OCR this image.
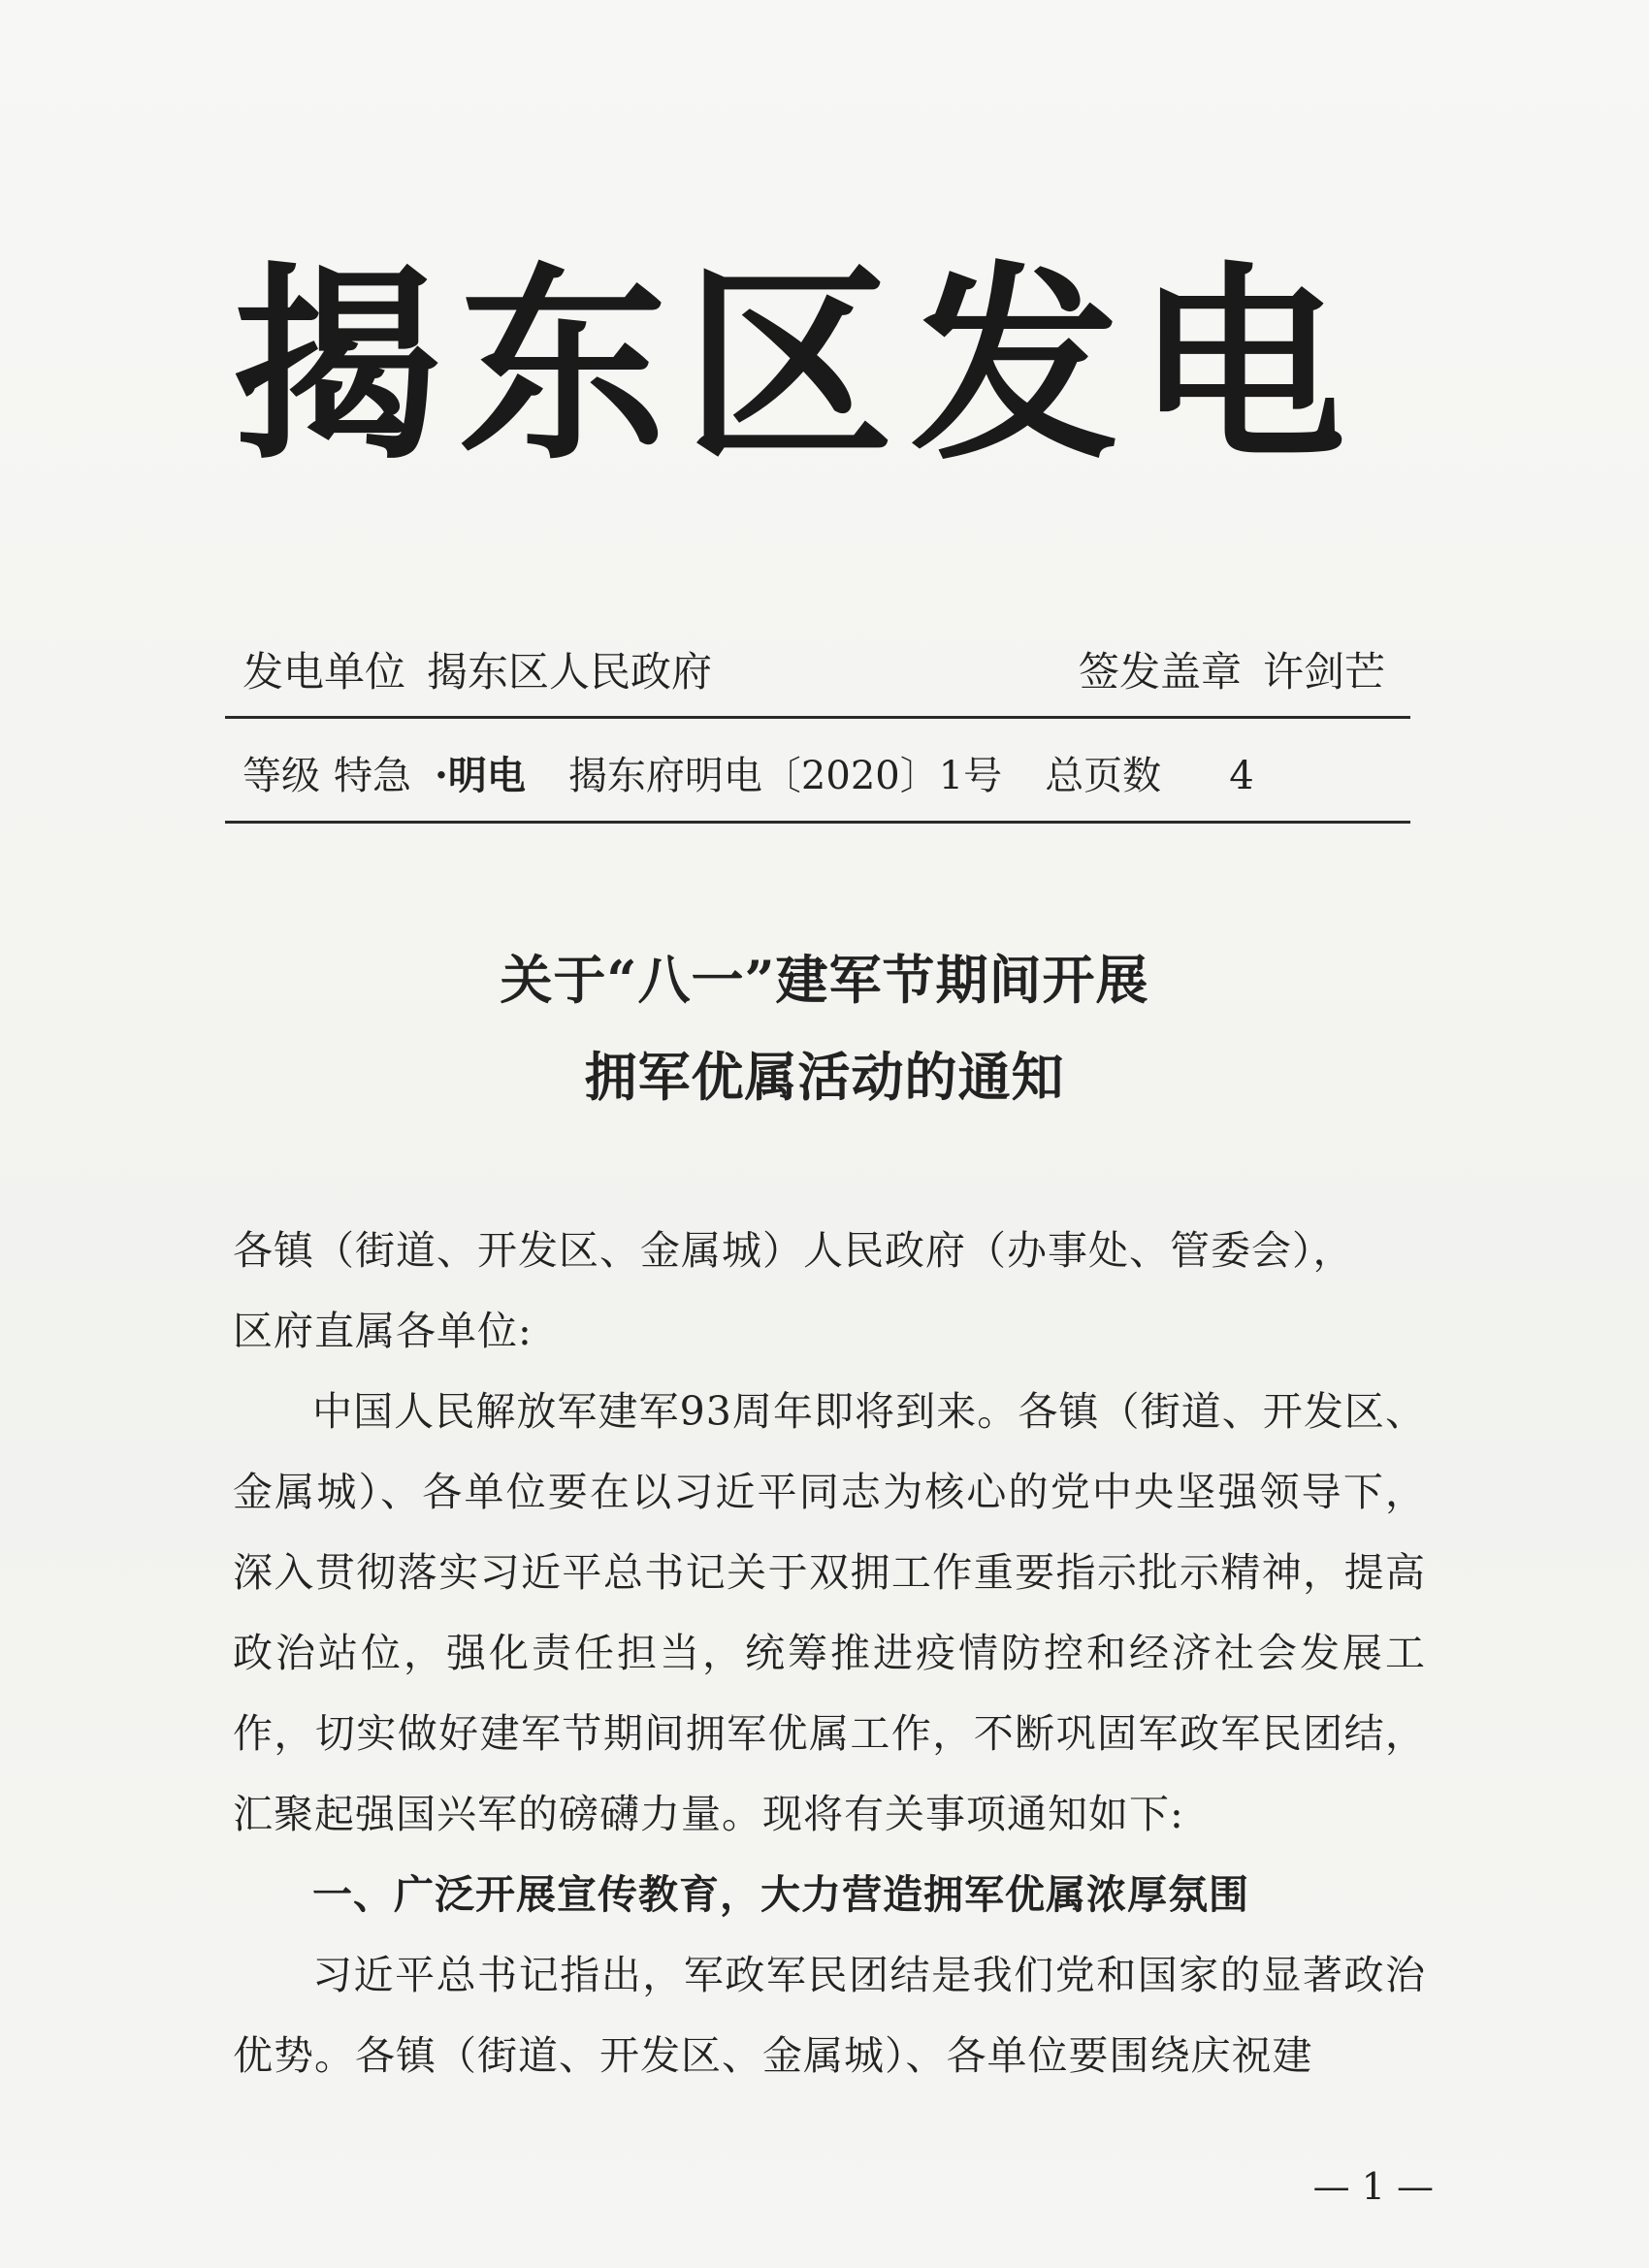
揭东区发电
发电单位 揭东区人民政府	签发盖章 许剑芒
等级 特急 ·明电 揭东府明电〔2020〕1号 总页数 4
关于“八一”建军节期间开展
拥军优属活动的通知

各镇（街道、开发区、金属城）人民政府（办事处、管委会），

区府直属各单位:

中国人民解放军建军93周年即将到来。各镇（街道、开发区、金属城）、各单位要在以习近平同志为核心的党中央坚强领导下，深入贯彻落实习近平总书记关于双拥工作重要指示批示精神，提高政治站位，强化责任担当，统筹推进疫情防控和经济社会发展工作，切实做好建军节期间拥军优属工作，不断巩固军政军民团结，汇聚起强国兴军的磅礴力量。现将有关事项通知如下:

一、广泛开展宣传教育，大力营造拥军优属浓厚氛围

习近平总书记指出，军政军民团结是我们党和国家的显著政治优势。各镇（街道、开发区、金属城）、各单位要围绕庆祝建

— 1 —
